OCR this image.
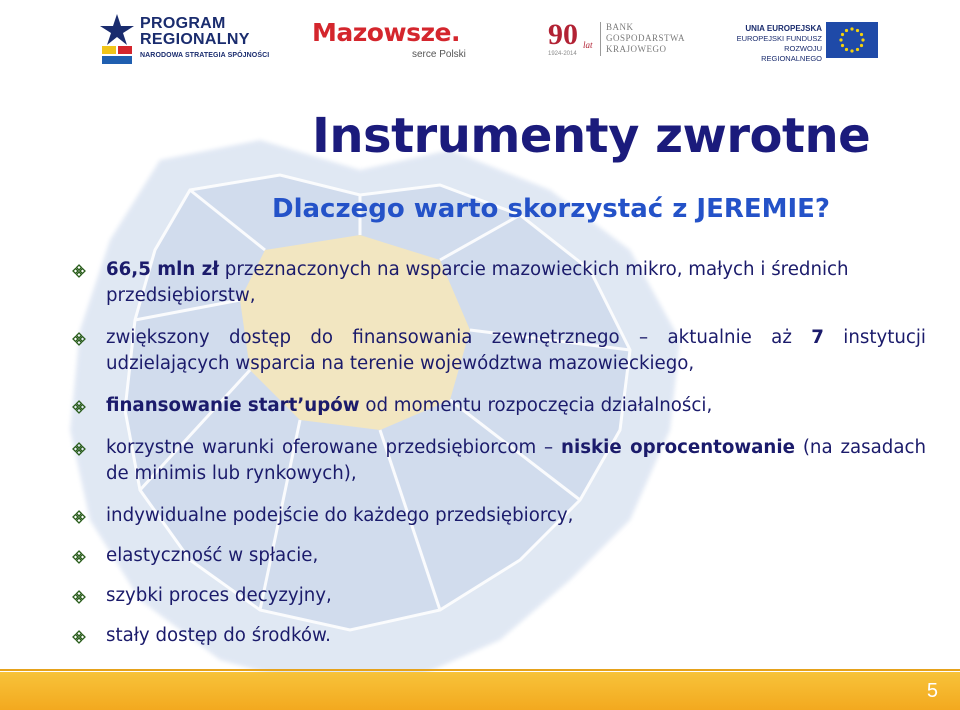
PROGRAM
REGIONALNY
NARODOWA STRATEGIA SPÓJNOŚCI
Mazowsze.
serce Polski
90 lat
1924-2014
BANK
GOSPODARSTWA
KRAJOWEGO
UNIA EUROPEJSKA
EUROPEJSKI FUNDUSZ
ROZWOJU REGIONALNEGO
Instrumenty zwrotne
Dlaczego warto skorzystać z JEREMIE?
66,5 mln zł przeznaczonych na wsparcie mazowieckich mikro, małych i średnich przedsiębiorstw,
zwiększony dostęp do finansowania zewnętrznego – aktualnie aż 7 instytucji udzielających wsparcia na terenie województwa mazowieckiego,
finansowanie start’upów od momentu rozpoczęcia działalności,
korzystne warunki oferowane przedsiębiorcom – niskie oprocentowanie (na zasadach de minimis lub rynkowych),
indywidualne podejście do każdego przedsiębiorcy,
elastyczność w spłacie,
szybki proces decyzyjny,
stały dostęp do środków.
5
